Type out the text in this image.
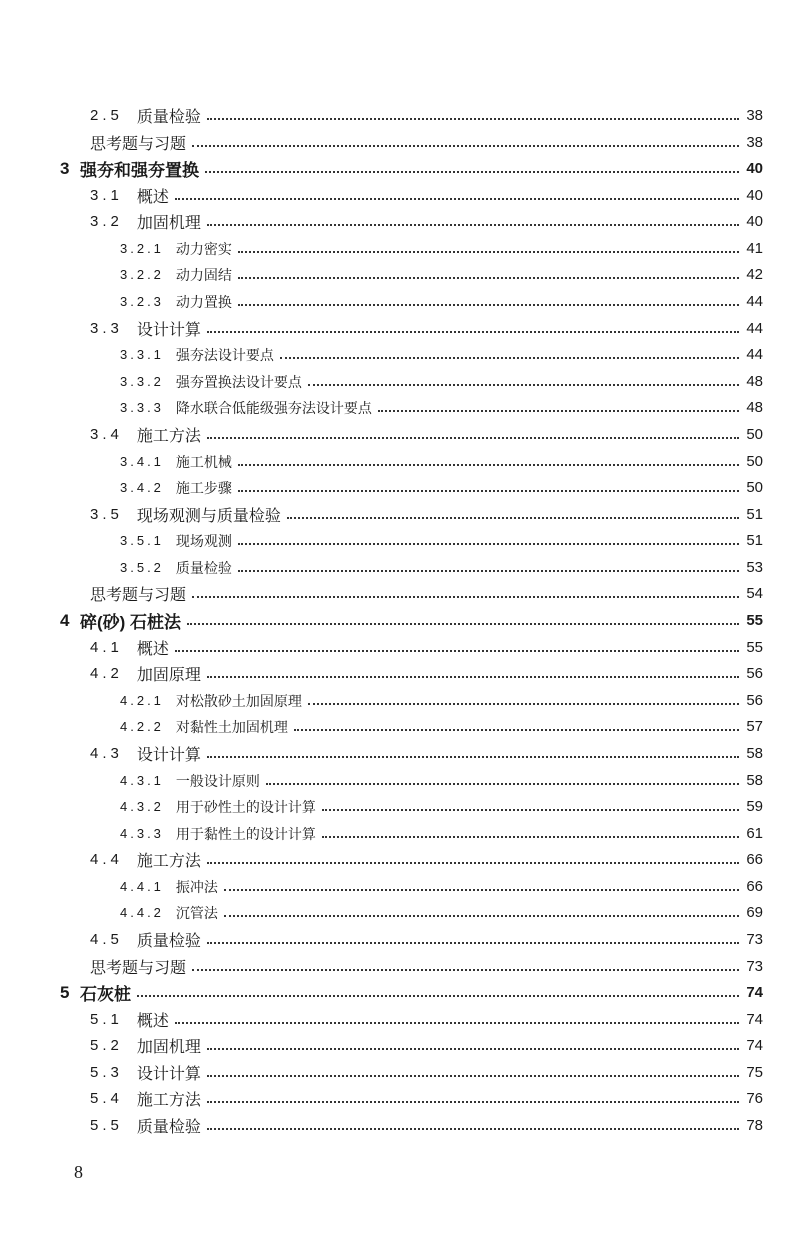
2.5 质量检验	38
思考题与习题	38
3 强夯和强夯置换	40
3.1 概述	40
3.2 加固机理	40
3.2.1 动力密实	41
3.2.2 动力固结	42
3.2.3 动力置换	44
3.3 设计计算	44
3.3.1 强夯法设计要点	44
3.3.2 强夯置换法设计要点	48
3.3.3 降水联合低能级强夯法设计要点	48
3.4 施工方法	50
3.4.1 施工机械	50
3.4.2 施工步骤	50
3.5 现场观测与质量检验	51
3.5.1 现场观测	51
3.5.2 质量检验	53
思考题与习题	54
4 碎(砂) 石桩法	55
4.1 概述	55
4.2 加固原理	56
4.2.1 对松散砂土加固原理	56
4.2.2 对黏性土加固机理	57
4.3 设计计算	58
4.3.1 一般设计原则	58
4.3.2 用于砂性土的设计计算	59
4.3.3 用于黏性土的设计计算	61
4.4 施工方法	66
4.4.1 振冲法	66
4.4.2 沉管法	69
4.5 质量检验	73
思考题与习题	73
5 石灰桩	74
5.1 概述	74
5.2 加固机理	74
5.3 设计计算	75
5.4 施工方法	76
5.5 质量检验	78
8
